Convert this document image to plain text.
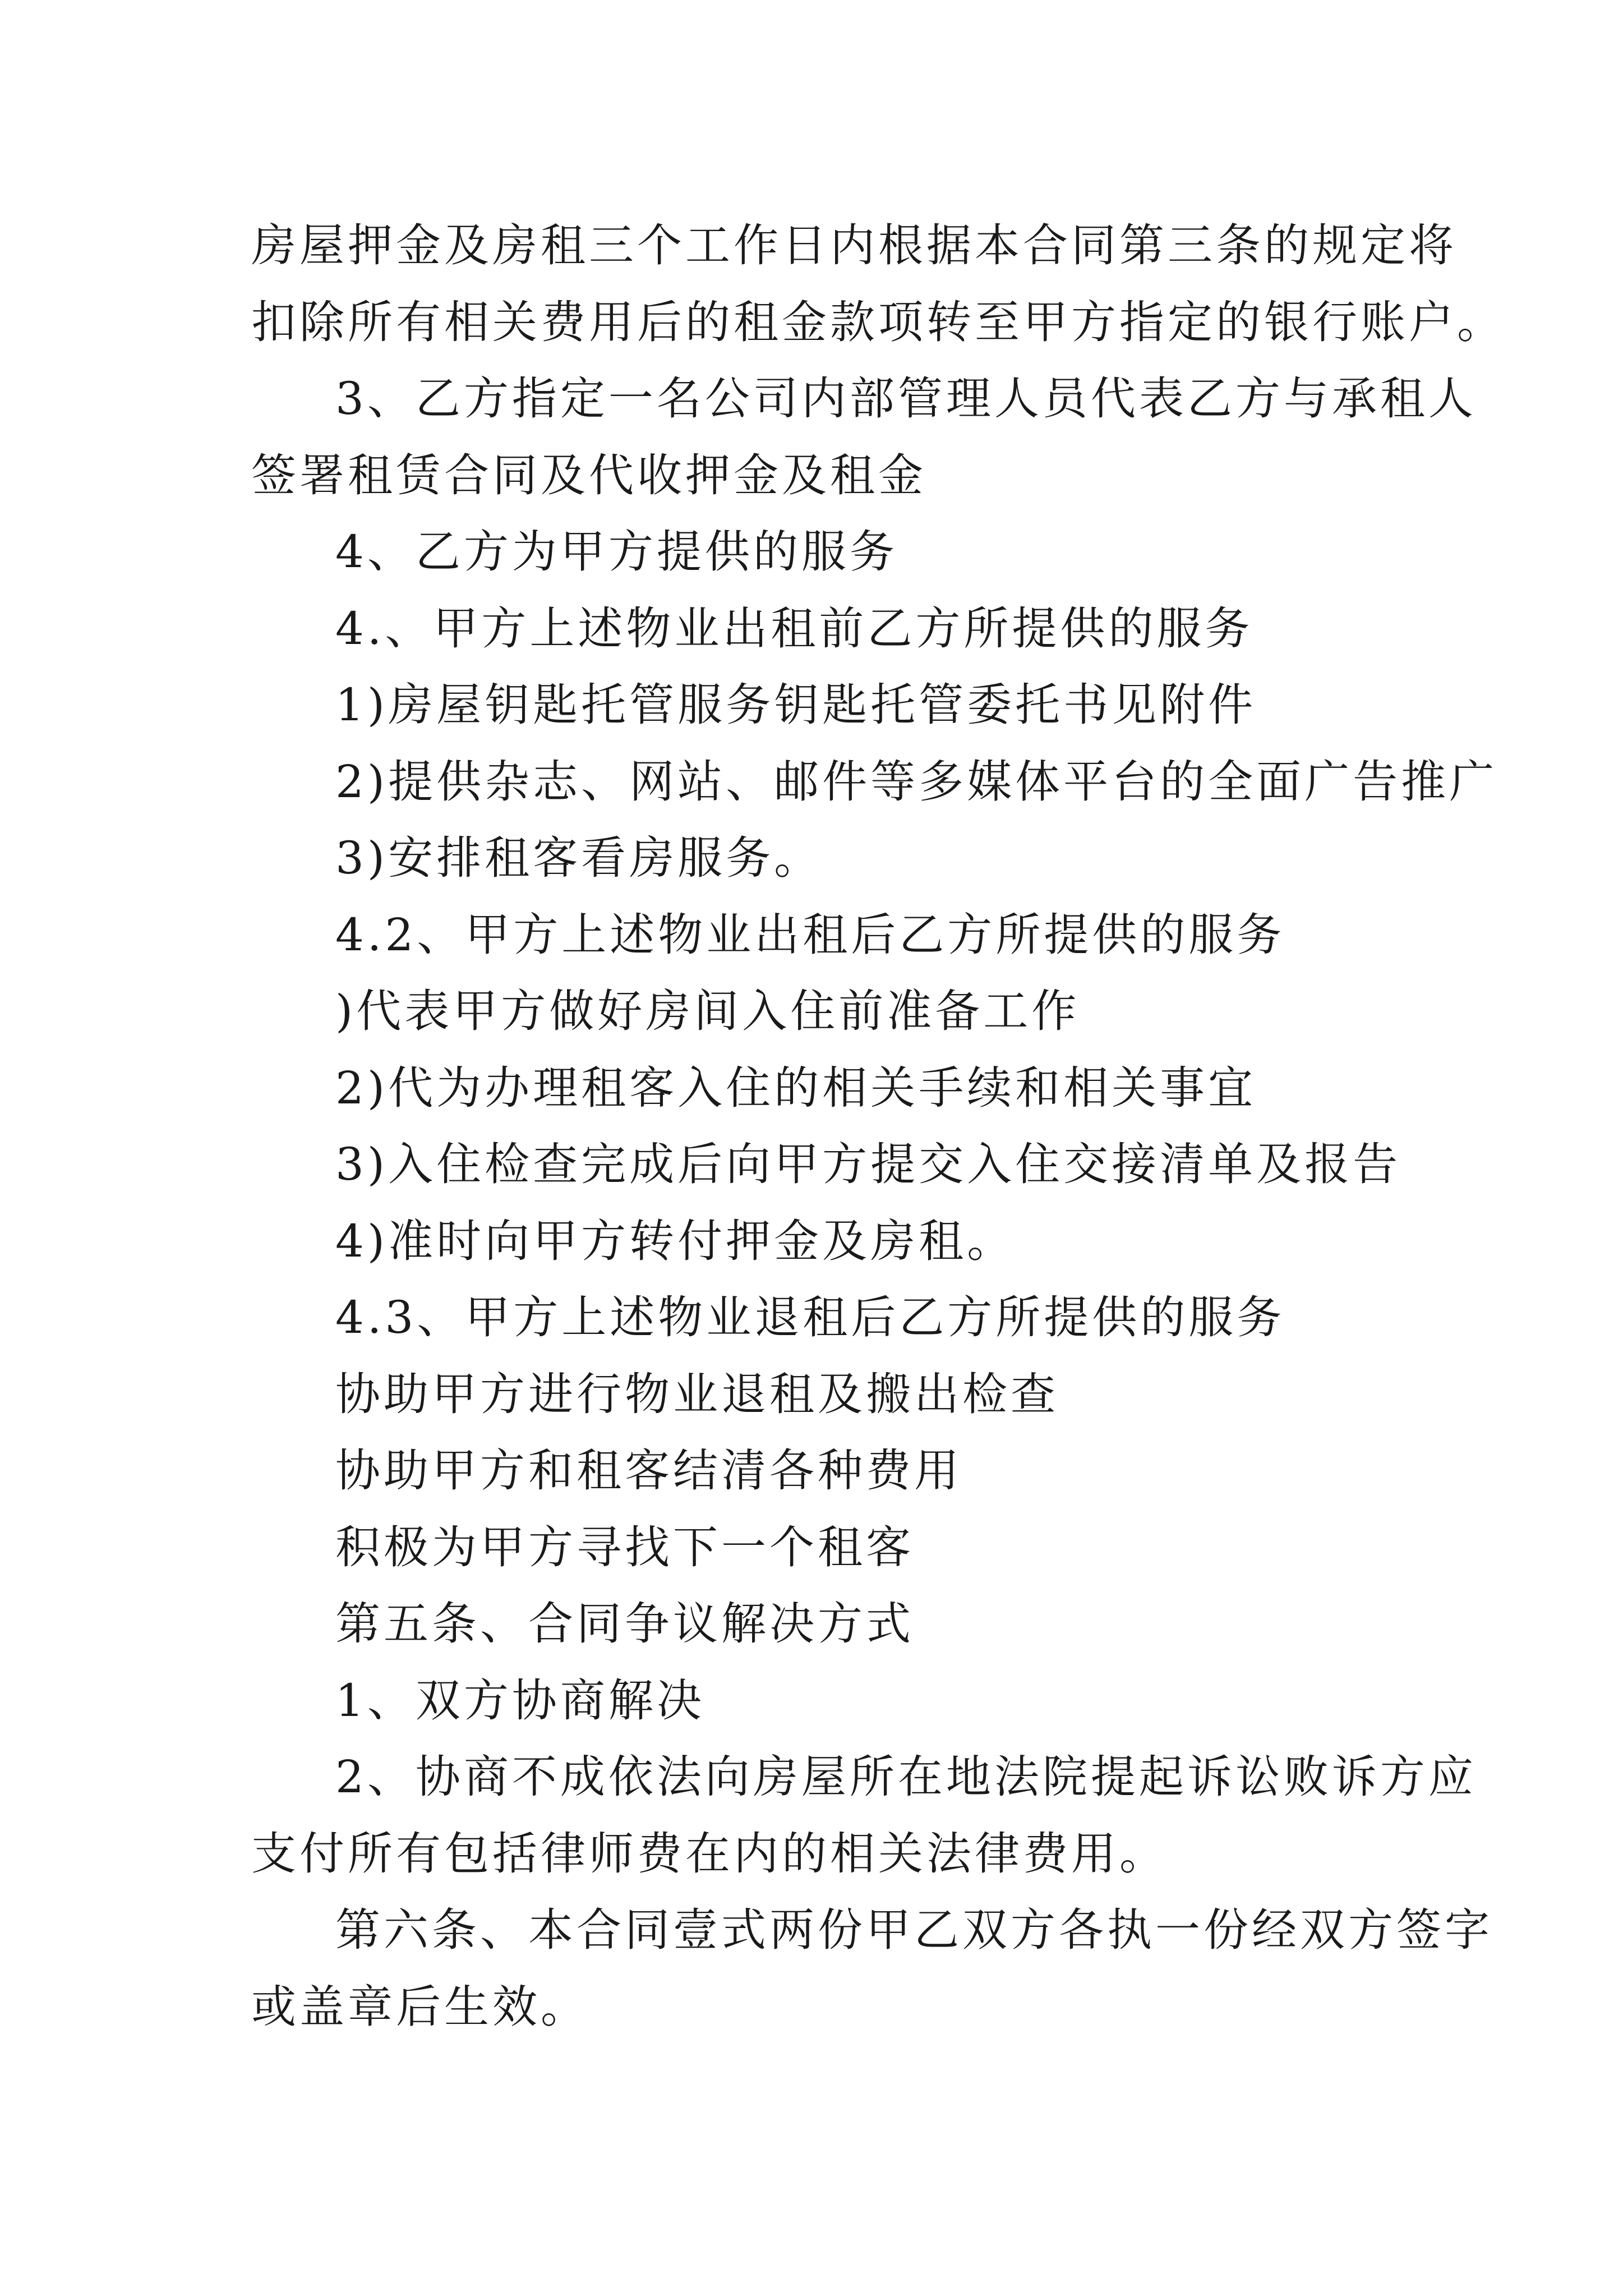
房屋押金及房租三个工作日内根据本合同第三条的规定将
扣除所有相关费用后的租金款项转至甲方指定的银行账户。
3、乙方指定一名公司内部管理人员代表乙方与承租人
签署租赁合同及代收押金及租金
4、乙方为甲方提供的服务
4.、甲方上述物业出租前乙方所提供的服务
1)房屋钥匙托管服务钥匙托管委托书见附件
2)提供杂志、网站、邮件等多媒体平台的全面广告推广
3)安排租客看房服务。
4.2、甲方上述物业出租后乙方所提供的服务
)代表甲方做好房间入住前准备工作
2)代为办理租客入住的相关手续和相关事宜
3)入住检查完成后向甲方提交入住交接清单及报告
4)准时向甲方转付押金及房租。
4.3、甲方上述物业退租后乙方所提供的服务
协助甲方进行物业退租及搬出检查
协助甲方和租客结清各种费用
积极为甲方寻找下一个租客
第五条、合同争议解决方式
1、双方协商解决
2、协商不成依法向房屋所在地法院提起诉讼败诉方应
支付所有包括律师费在内的相关法律费用。
第六条、本合同壹式两份甲乙双方各执一份经双方签字
或盖章后生效。
